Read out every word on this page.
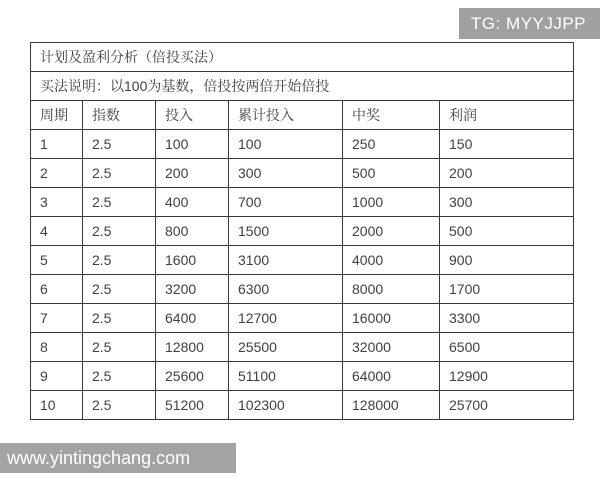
TG: MYYJJPP
计划及盈利分析（倍投买法）					
买法说明：以100为基数，倍投按两倍开始倍投					
周期	指数	投入	累计投入	中奖	利润
1	2.5	100	100	250	150
2	2.5	200	300	500	200
3	2.5	400	700	1000	300
4	2.5	800	1500	2000	500
5	2.5	1600	3100	4000	900
6	2.5	3200	6300	8000	1700
7	2.5	6400	12700	16000	3300
8	2.5	12800	25500	32000	6500
9	2.5	25600	51100	64000	12900
10	2.5	51200	102300	128000	25700
www.yintingchang.com
